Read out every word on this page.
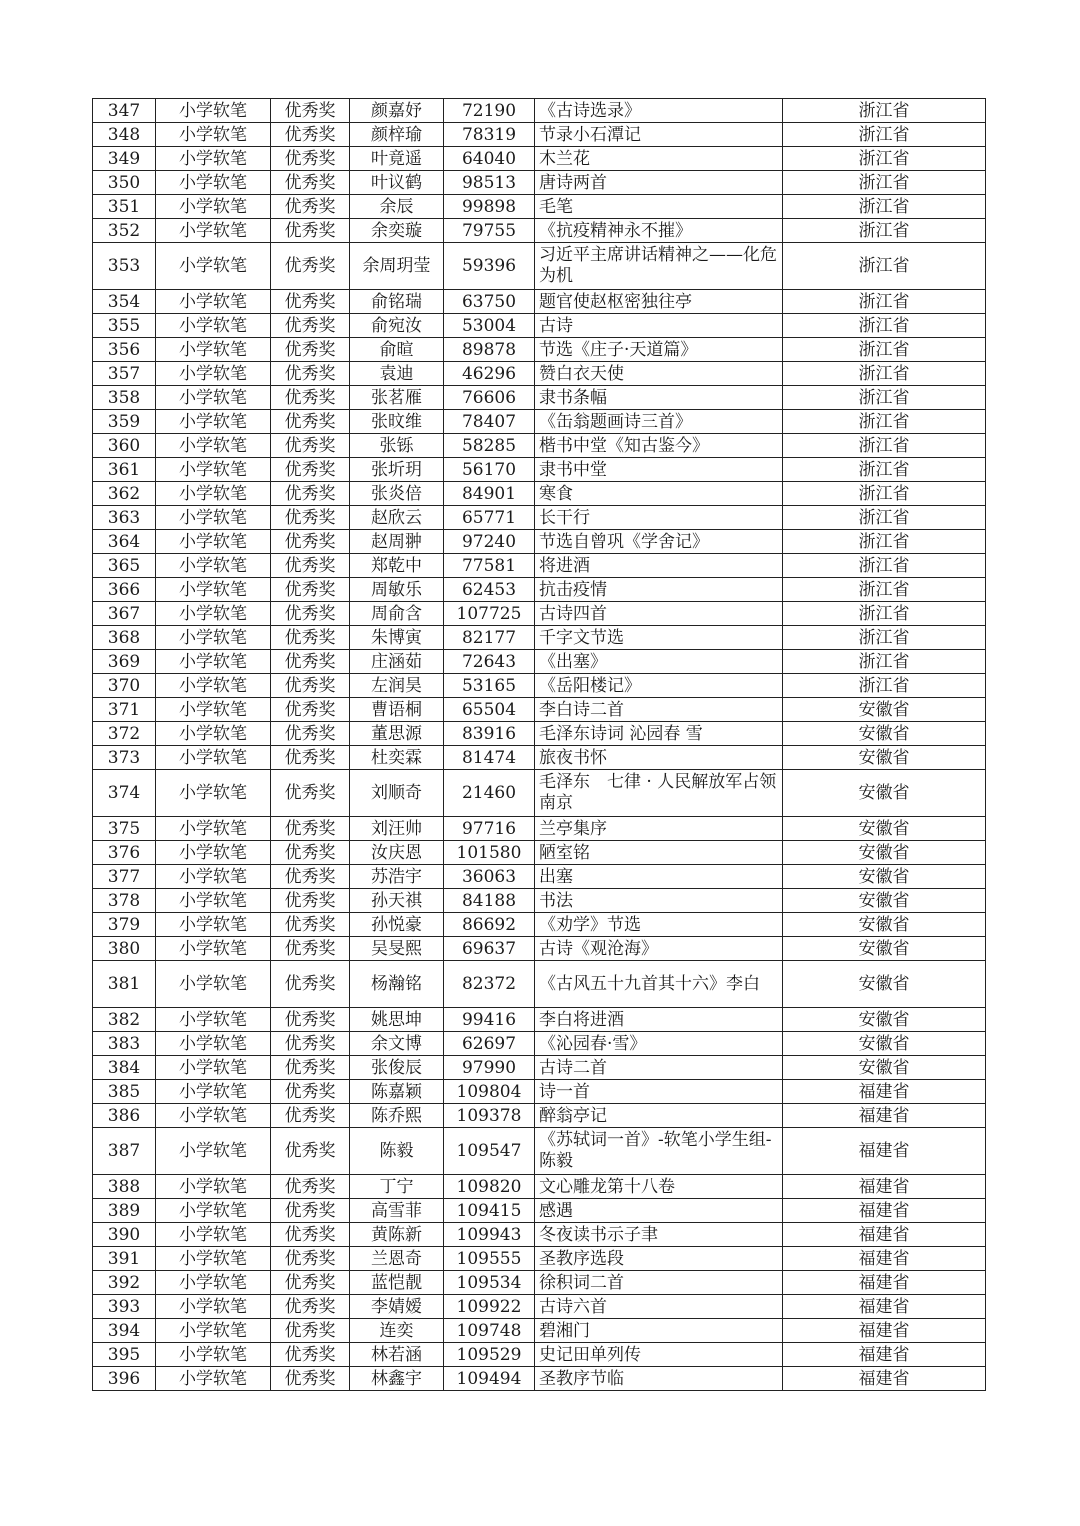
347	小学软笔	优秀奖	颜嘉妤	72190	《古诗选录》	浙江省
348	小学软笔	优秀奖	颜梓瑜	78319	节录小石潭记	浙江省
349	小学软笔	优秀奖	叶竟遥	64040	木兰花	浙江省
350	小学软笔	优秀奖	叶议鹤	98513	唐诗两首	浙江省
351	小学软笔	优秀奖	余辰	99898	毛笔	浙江省
352	小学软笔	优秀奖	余奕璇	79755	《抗疫精神永不摧》	浙江省
353	小学软笔	优秀奖	余周玥莹	59396	习近平主席讲话精神之——化危为机	浙江省
354	小学软笔	优秀奖	俞铭瑞	63750	题官使赵枢密独往亭	浙江省
355	小学软笔	优秀奖	俞宛汝	53004	古诗	浙江省
356	小学软笔	优秀奖	俞暄	89878	节选《庄子·天道篇》	浙江省
357	小学软笔	优秀奖	袁迪	46296	赞白衣天使	浙江省
358	小学软笔	优秀奖	张茗雁	76606	隶书条幅	浙江省
359	小学软笔	优秀奖	张旼维	78407	《缶翁题画诗三首》	浙江省
360	小学软笔	优秀奖	张铄	58285	楷书中堂《知古鉴今》	浙江省
361	小学软笔	优秀奖	张圻玥	56170	隶书中堂	浙江省
362	小学软笔	优秀奖	张炎倍	84901	寒食	浙江省
363	小学软笔	优秀奖	赵欣云	65771	长干行	浙江省
364	小学软笔	优秀奖	赵周翀	97240	节选自曾巩《学舍记》	浙江省
365	小学软笔	优秀奖	郑乾中	77581	将进酒	浙江省
366	小学软笔	优秀奖	周敏乐	62453	抗击疫情	浙江省
367	小学软笔	优秀奖	周俞含	107725	古诗四首	浙江省
368	小学软笔	优秀奖	朱博寅	82177	千字文节选	浙江省
369	小学软笔	优秀奖	庄涵茹	72643	《出塞》	浙江省
370	小学软笔	优秀奖	左润昊	53165	《岳阳楼记》	浙江省
371	小学软笔	优秀奖	曹语桐	65504	李白诗二首	安徽省
372	小学软笔	优秀奖	董思源	83916	毛泽东诗词 沁园春 雪	安徽省
373	小学软笔	优秀奖	杜奕霖	81474	旅夜书怀	安徽省
374	小学软笔	优秀奖	刘顺奇	21460	毛泽东　七律 · 人民解放军占领南京	安徽省
375	小学软笔	优秀奖	刘汪帅	97716	兰亭集序	安徽省
376	小学软笔	优秀奖	汝庆恩	101580	陋室铭	安徽省
377	小学软笔	优秀奖	苏浩宇	36063	出塞	安徽省
378	小学软笔	优秀奖	孙天祺	84188	书法	安徽省
379	小学软笔	优秀奖	孙悦豪	86692	《劝学》节选	安徽省
380	小学软笔	优秀奖	吴旻熙	69637	古诗《观沧海》	安徽省
381	小学软笔	优秀奖	杨瀚铭	82372	《古风五十九首其十六》李白	安徽省
382	小学软笔	优秀奖	姚思坤	99416	李白将进酒	安徽省
383	小学软笔	优秀奖	余文博	62697	《沁园春·雪》	安徽省
384	小学软笔	优秀奖	张俊辰	97990	古诗二首	安徽省
385	小学软笔	优秀奖	陈嘉颖	109804	诗一首	福建省
386	小学软笔	优秀奖	陈乔熙	109378	醉翁亭记	福建省
387	小学软笔	优秀奖	陈毅	109547	《苏轼词一首》-软笔小学生组-陈毅	福建省
388	小学软笔	优秀奖	丁宁	109820	文心雕龙第十八卷	福建省
389	小学软笔	优秀奖	高雪菲	109415	感遇	福建省
390	小学软笔	优秀奖	黄陈新	109943	冬夜读书示子聿	福建省
391	小学软笔	优秀奖	兰恩奇	109555	圣教序选段	福建省
392	小学软笔	优秀奖	蓝恺靓	109534	徐积词二首	福建省
393	小学软笔	优秀奖	李婧嫒	109922	古诗六首	福建省
394	小学软笔	优秀奖	连奕	109748	碧湘门	福建省
395	小学软笔	优秀奖	林若涵	109529	史记田单列传	福建省
396	小学软笔	优秀奖	林鑫宇	109494	圣教序节临	福建省
